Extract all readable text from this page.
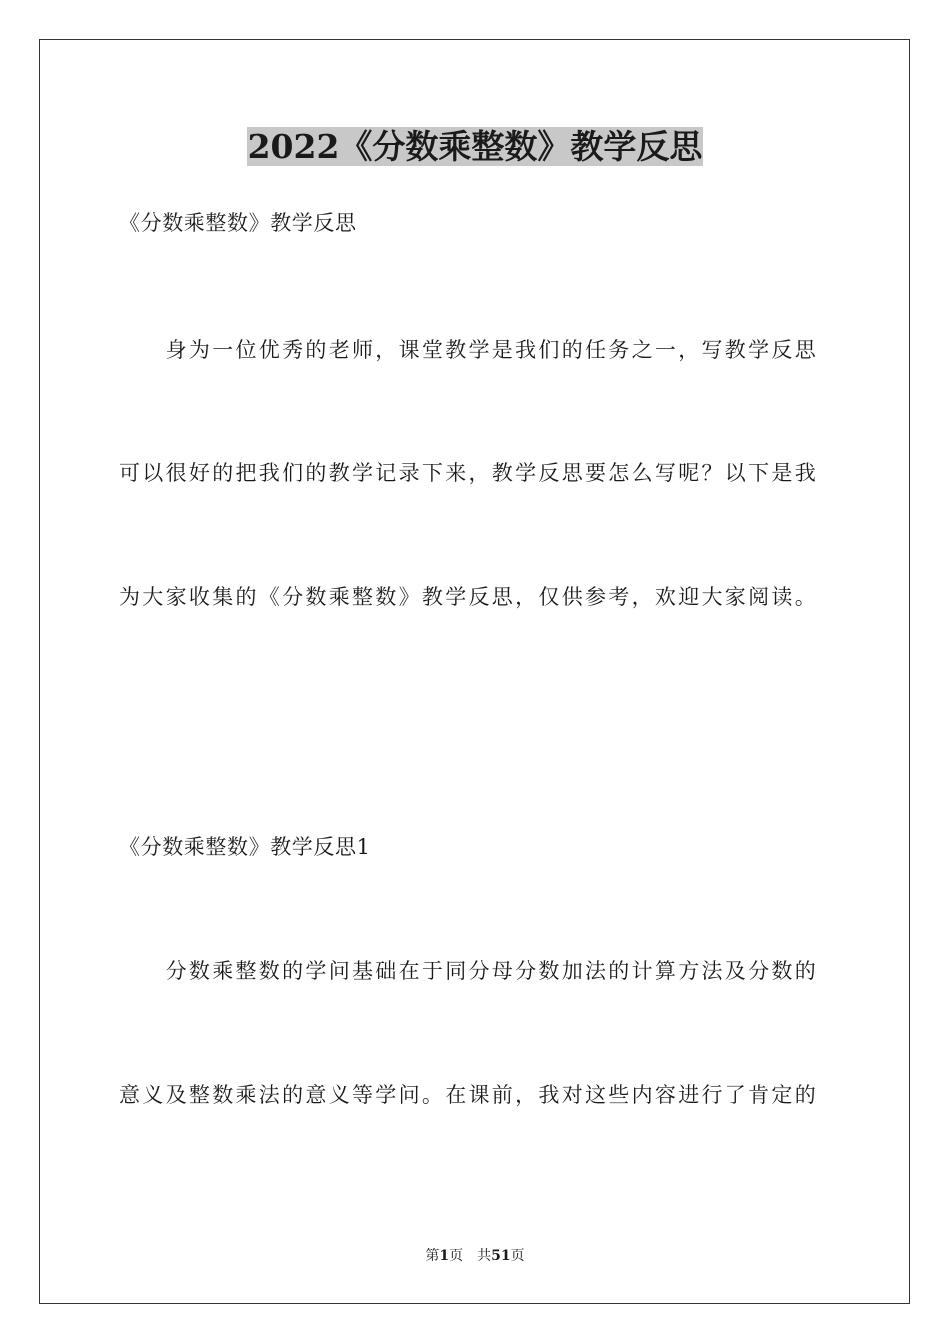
2022《分数乘整数》教学反思

《分数乘整数》教学反思

　　身为一位优秀的老师，课堂教学是我们的任务之一，写教学反思

可以很好的把我们的教学记录下来，教学反思要怎么写呢？以下是我

为大家收集的《分数乘整数》教学反思，仅供参考，欢迎大家阅读。

《分数乘整数》教学反思1

　　分数乘整数的学问基础在于同分母分数加法的计算方法及分数的

意义及整数乘法的意义等学问。在课前，我对这些内容进行了肯定的

第1页　共51页
